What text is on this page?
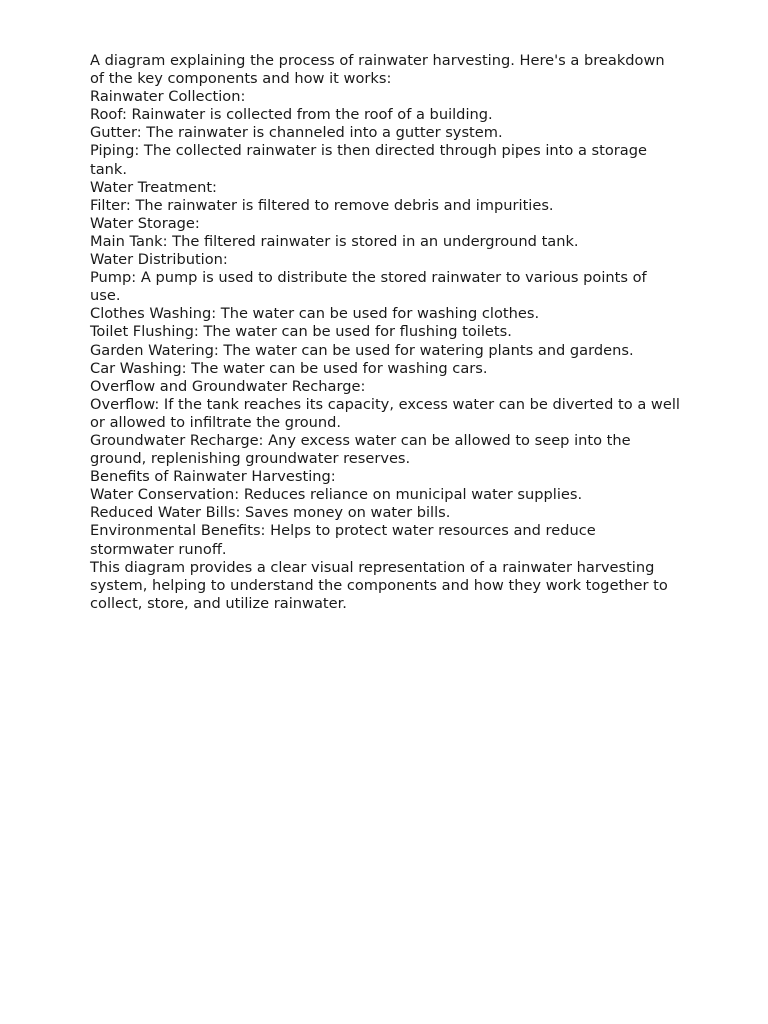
A diagram explaining the process of rainwater harvesting. Here's a breakdown of the key components and how it works:

Rainwater Collection:

Roof: Rainwater is collected from the roof of a building.

Gutter: The rainwater is channeled into a gutter system.

Piping: The collected rainwater is then directed through pipes into a storage tank.

Water Treatment:

Filter: The rainwater is filtered to remove debris and impurities.

Water Storage:

Main Tank: The filtered rainwater is stored in an underground tank.

Water Distribution:

Pump: A pump is used to distribute the stored rainwater to various points of use.

Clothes Washing: The water can be used for washing clothes.

Toilet Flushing: The water can be used for flushing toilets.

Garden Watering: The water can be used for watering plants and gardens.

Car Washing: The water can be used for washing cars.

Overflow and Groundwater Recharge:

Overflow: If the tank reaches its capacity, excess water can be diverted to a well or allowed to infiltrate the ground.

Groundwater Recharge: Any excess water can be allowed to seep into the ground, replenishing groundwater reserves.

Benefits of Rainwater Harvesting:

Water Conservation: Reduces reliance on municipal water supplies.

Reduced Water Bills: Saves money on water bills.

Environmental Benefits: Helps to protect water resources and reduce stormwater runoff.

This diagram provides a clear visual representation of a rainwater harvesting system, helping to understand the components and how they work together to collect, store, and utilize rainwater.
